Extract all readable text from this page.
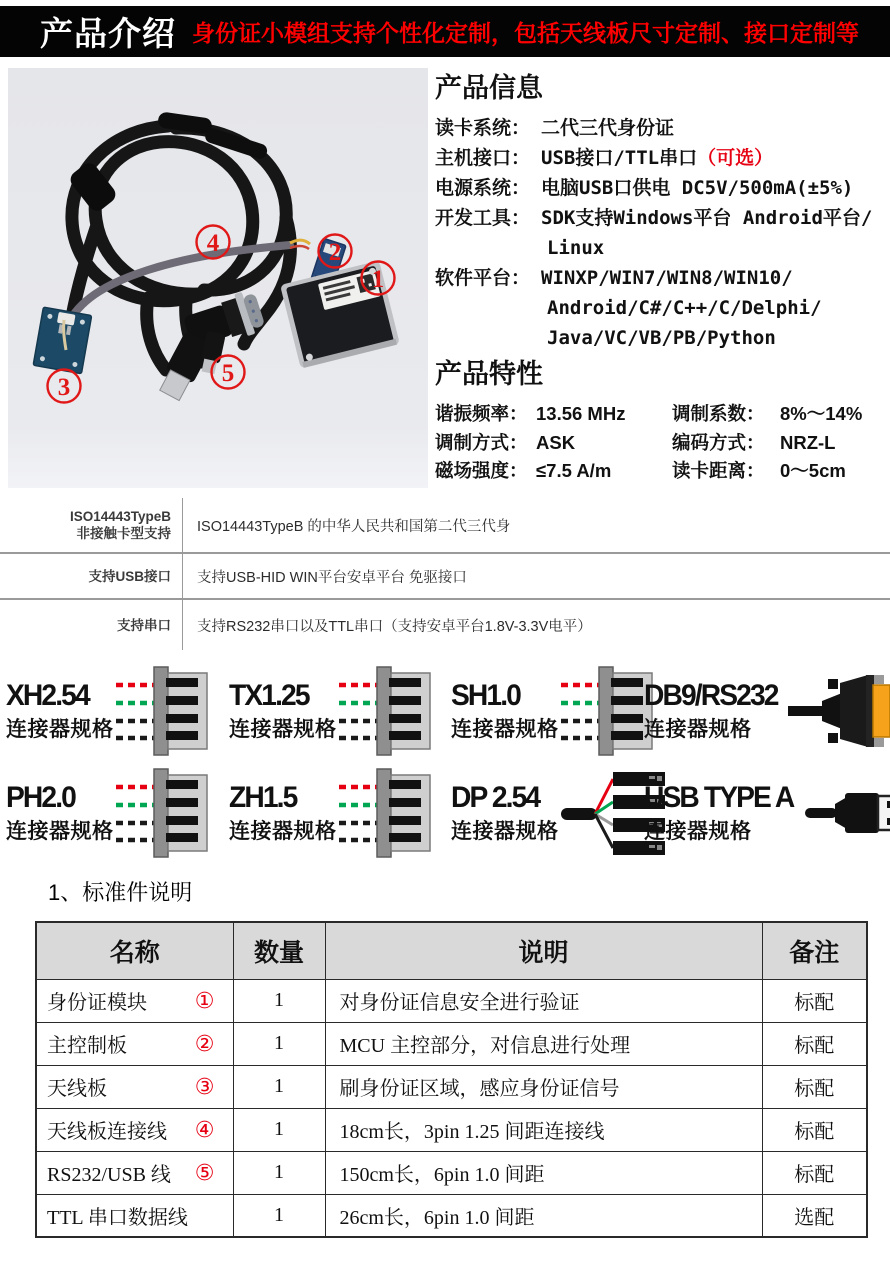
产品介绍 身份证小模组支持个性化定制，包括天线板尺寸定制、接口定制等
1
2
3
4
5
产品信息
读卡系统： 二代三代身份证
主机接口： USB接口/TTL串口 （可选）
电源系统： 电脑USB口供电 DC5V/500mA(±5%)
开发工具： SDK支持Windows平台 Android平台/
Linux
软件平台： WINXP/WIN7/WIN8/WIN10/
Android/C#/C++/C/Delphi/
Java/VC/VB/PB/Python
产品特性
谐振频率： 13.56 MHz	调制系数： 8%～14%
调制方式： ASK	编码方式： NRZ-L
磁场强度： ≤7.5 A/m	读卡距离： 0～5cm
ISO14443TypeB
非接触卡型支持	ISO14443TypeB 的中华人民共和国第二代三代身
支持USB接口	支持USB-HID WIN平台安卓平台 免驱接口
支持串口	支持RS232串口以及TTL串口（支持安卓平台1.8V-3.3V电平）
XH2.54
连接器规格
TX1.25
连接器规格
SH1.0
连接器规格
DB9/RS232
连接器规格
PH2.0
连接器规格
ZH1.5
连接器规格
DP 2.54
连接器规格
USB TYPE A
连接器规格
1、标准件说明
名称	数量	说明	备注

身份证模块 ①	1	对身份证信息安全进行验证	标配

主控制板 ②	1	MCU 主控部分，对信息进行处理	标配

天线板 ③	1	刷身份证区域，感应身份证信号	标配

天线板连接线 ④	1	18cm长，3pin 1.25 间距连接线	标配

RS232/USB 线 ⑤	1	150cm长，6pin 1.0 间距	标配

TTL 串口数据线	1	26cm长，6pin 1.0 间距	选配
